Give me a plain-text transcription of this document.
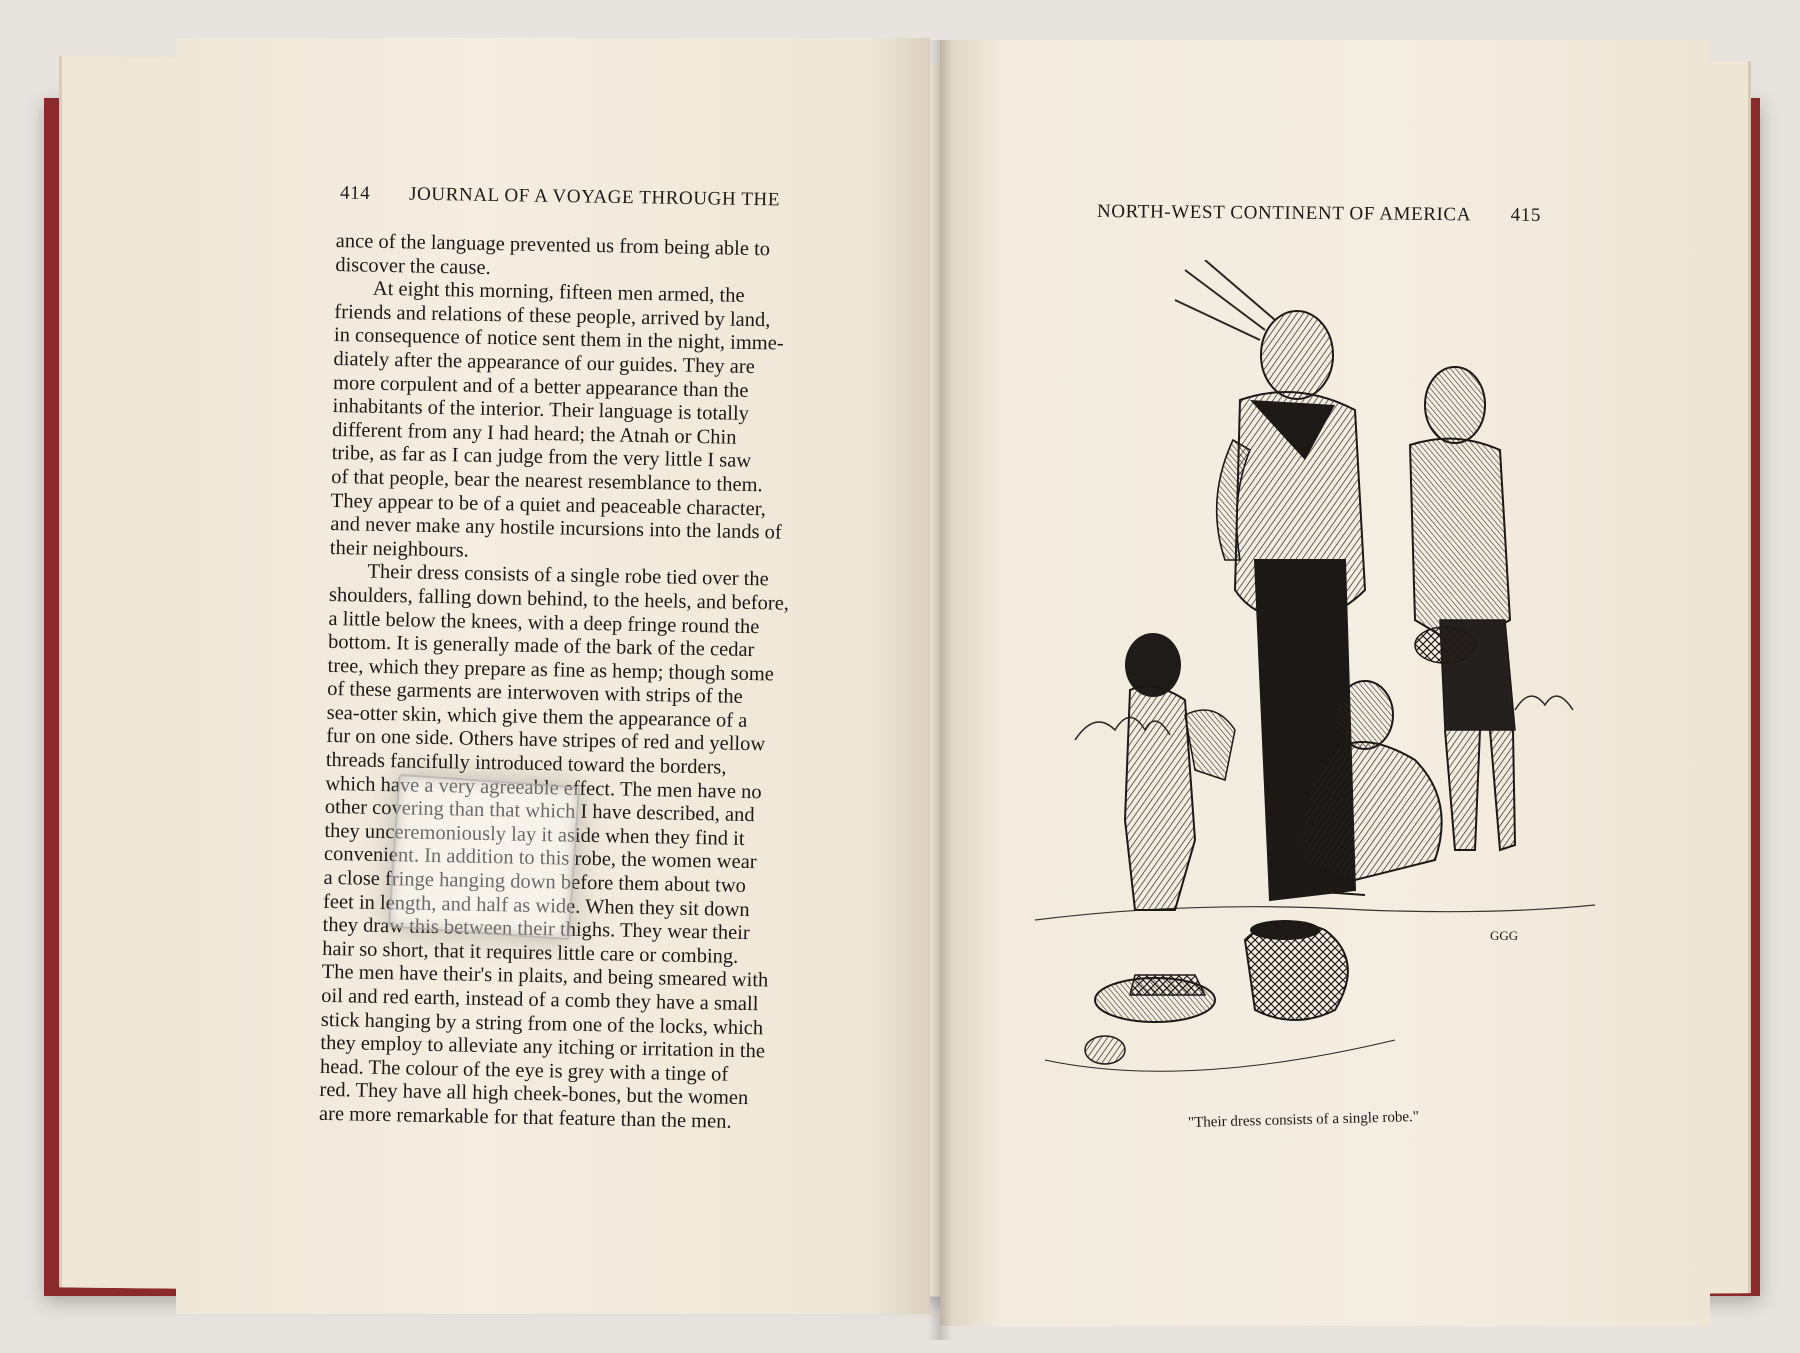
414 JOURNAL OF A VOYAGE THROUGH THE
ance of the language prevented us from being able to
discover the cause.
At eight this morning, fifteen men armed, the
friends and relations of these people, arrived by land,
in consequence of notice sent them in the night, imme-
diately after the appearance of our guides. They are
more corpulent and of a better appearance than the
inhabitants of the interior. Their language is totally
different from any I had heard; the Atnah or Chin
tribe, as far as I can judge from the very little I saw
of that people, bear the nearest resemblance to them.
They appear to be of a quiet and peaceable character,
and never make any hostile incursions into the lands of
their neighbours.
Their dress consists of a single robe tied over the
shoulders, falling down behind, to the heels, and before,
a little below the knees, with a deep fringe round the
bottom. It is generally made of the bark of the cedar
tree, which they prepare as fine as hemp; though some
of these garments are interwoven with strips of the
sea-otter skin, which give them the appearance of a
fur on one side. Others have stripes of red and yellow
threads fancifully introduced toward the borders,
which have a very agreeable effect. The men have no
other covering than that which I have described, and
they unceremoniously lay it aside when they find it
convenient. In addition to this robe, the women wear
a close fringe hanging down before them about two
feet in length, and half as wide. When they sit down
they draw this between their thighs. They wear their
hair so short, that it requires little care or combing.
The men have their's in plaits, and being smeared with
oil and red earth, instead of a comb they have a small
stick hanging by a string from one of the locks, which
they employ to alleviate any itching or irritation in the
head. The colour of the eye is grey with a tinge of
red. They have all high cheek-bones, but the women
are more remarkable for that feature than the men.
NORTH-WEST CONTINENT OF AMERICA 415
GGG
"Their dress consists of a single robe."
